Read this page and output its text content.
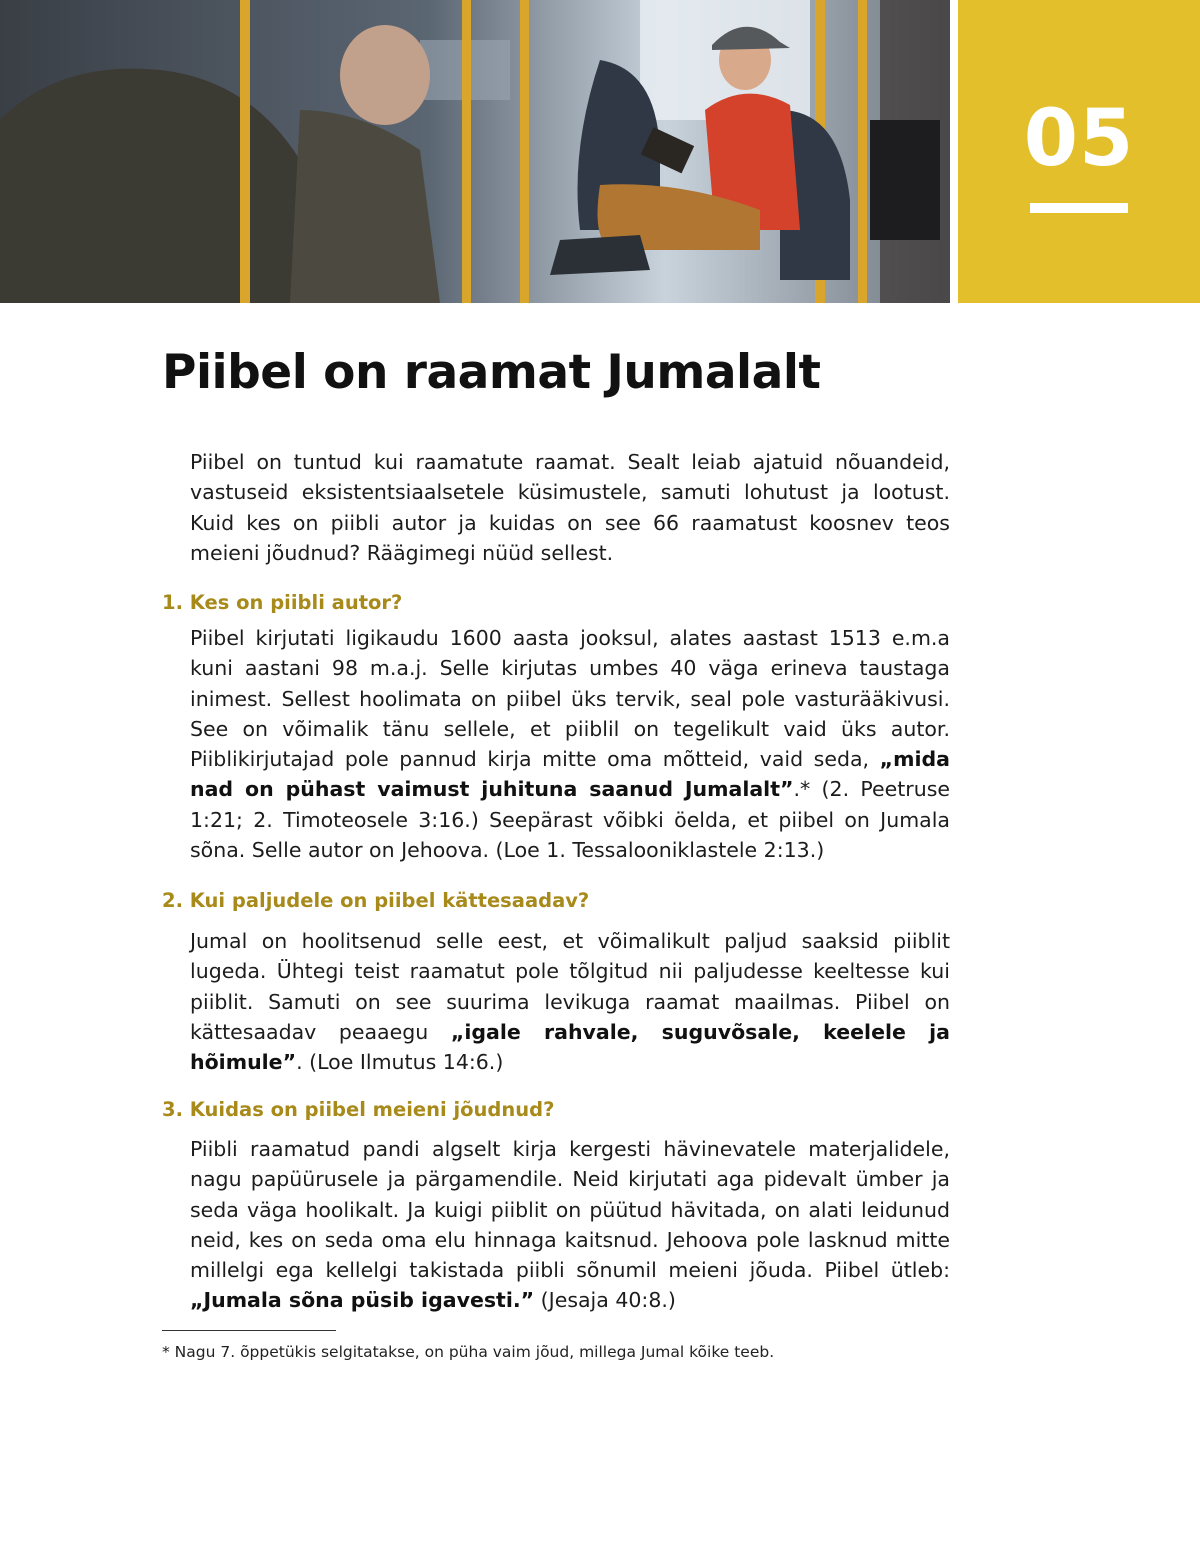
05
Piibel on raamat Jumalalt

Piibel on tuntud kui raamatute raamat. Sealt leiab ajatuid nõuandeid, vastuseid eksistentsiaalsetele küsimustele, samuti lohutust ja lootust. Kuid kes on piibli autor ja kuidas on see 66 raamatust koosnev teos meieni jõudnud? Räägimegi nüüd sellest.

1. Kes on piibli autor?

Piibel kirjutati ligikaudu 1600 aasta jooksul, alates aastast 1513 e.m.a kuni aastani 98 m.a.j. Selle kirjutas umbes 40 väga erineva taustaga inimest. Sellest hoolimata on piibel üks tervik, seal pole vasturääkivusi. See on võimalik tänu sellele, et piiblil on tegelikult vaid üks autor. Piiblikirjutajad pole pannud kirja mitte oma mõtteid, vaid seda, „mida nad on pühast vaimust juhituna saanud Jumalalt”.* (2. Peetruse 1:21; 2. Timoteosele 3:16.) Seepärast võibki öelda, et piibel on Jumala sõna. Selle autor on Jehoova. (Loe 1. Tessalooniklastele 2:13.)

2. Kui paljudele on piibel kättesaadav?

Jumal on hoolitsenud selle eest, et võimalikult paljud saaksid piiblit lugeda. Ühtegi teist raamatut pole tõlgitud nii paljudesse keeltesse kui piiblit. Samuti on see suurima levikuga raamat maailmas. Piibel on kättesaadav peaaegu „igale rahvale, suguvõsale, keelele ja hõimule”. (Loe Ilmutus 14:6.)

3. Kuidas on piibel meieni jõudnud?

Piibli raamatud pandi algselt kirja kergesti hävinevatele materjalidele, nagu papüürusele ja pärgamendile. Neid kirjutati aga pidevalt ümber ja seda väga hoolikalt. Ja kuigi piiblit on püütud hävitada, on alati leidunud neid, kes on seda oma elu hinnaga kaitsnud. Jehoova pole lasknud mitte millelgi ega kellelgi takistada piibli sõnumil meieni jõuda. Piibel ütleb: „Jumala sõna püsib igavesti.” (Jesaja 40:8.)

* Nagu 7. õppetükis selgitatakse, on püha vaim jõud, millega Jumal kõike teeb.
